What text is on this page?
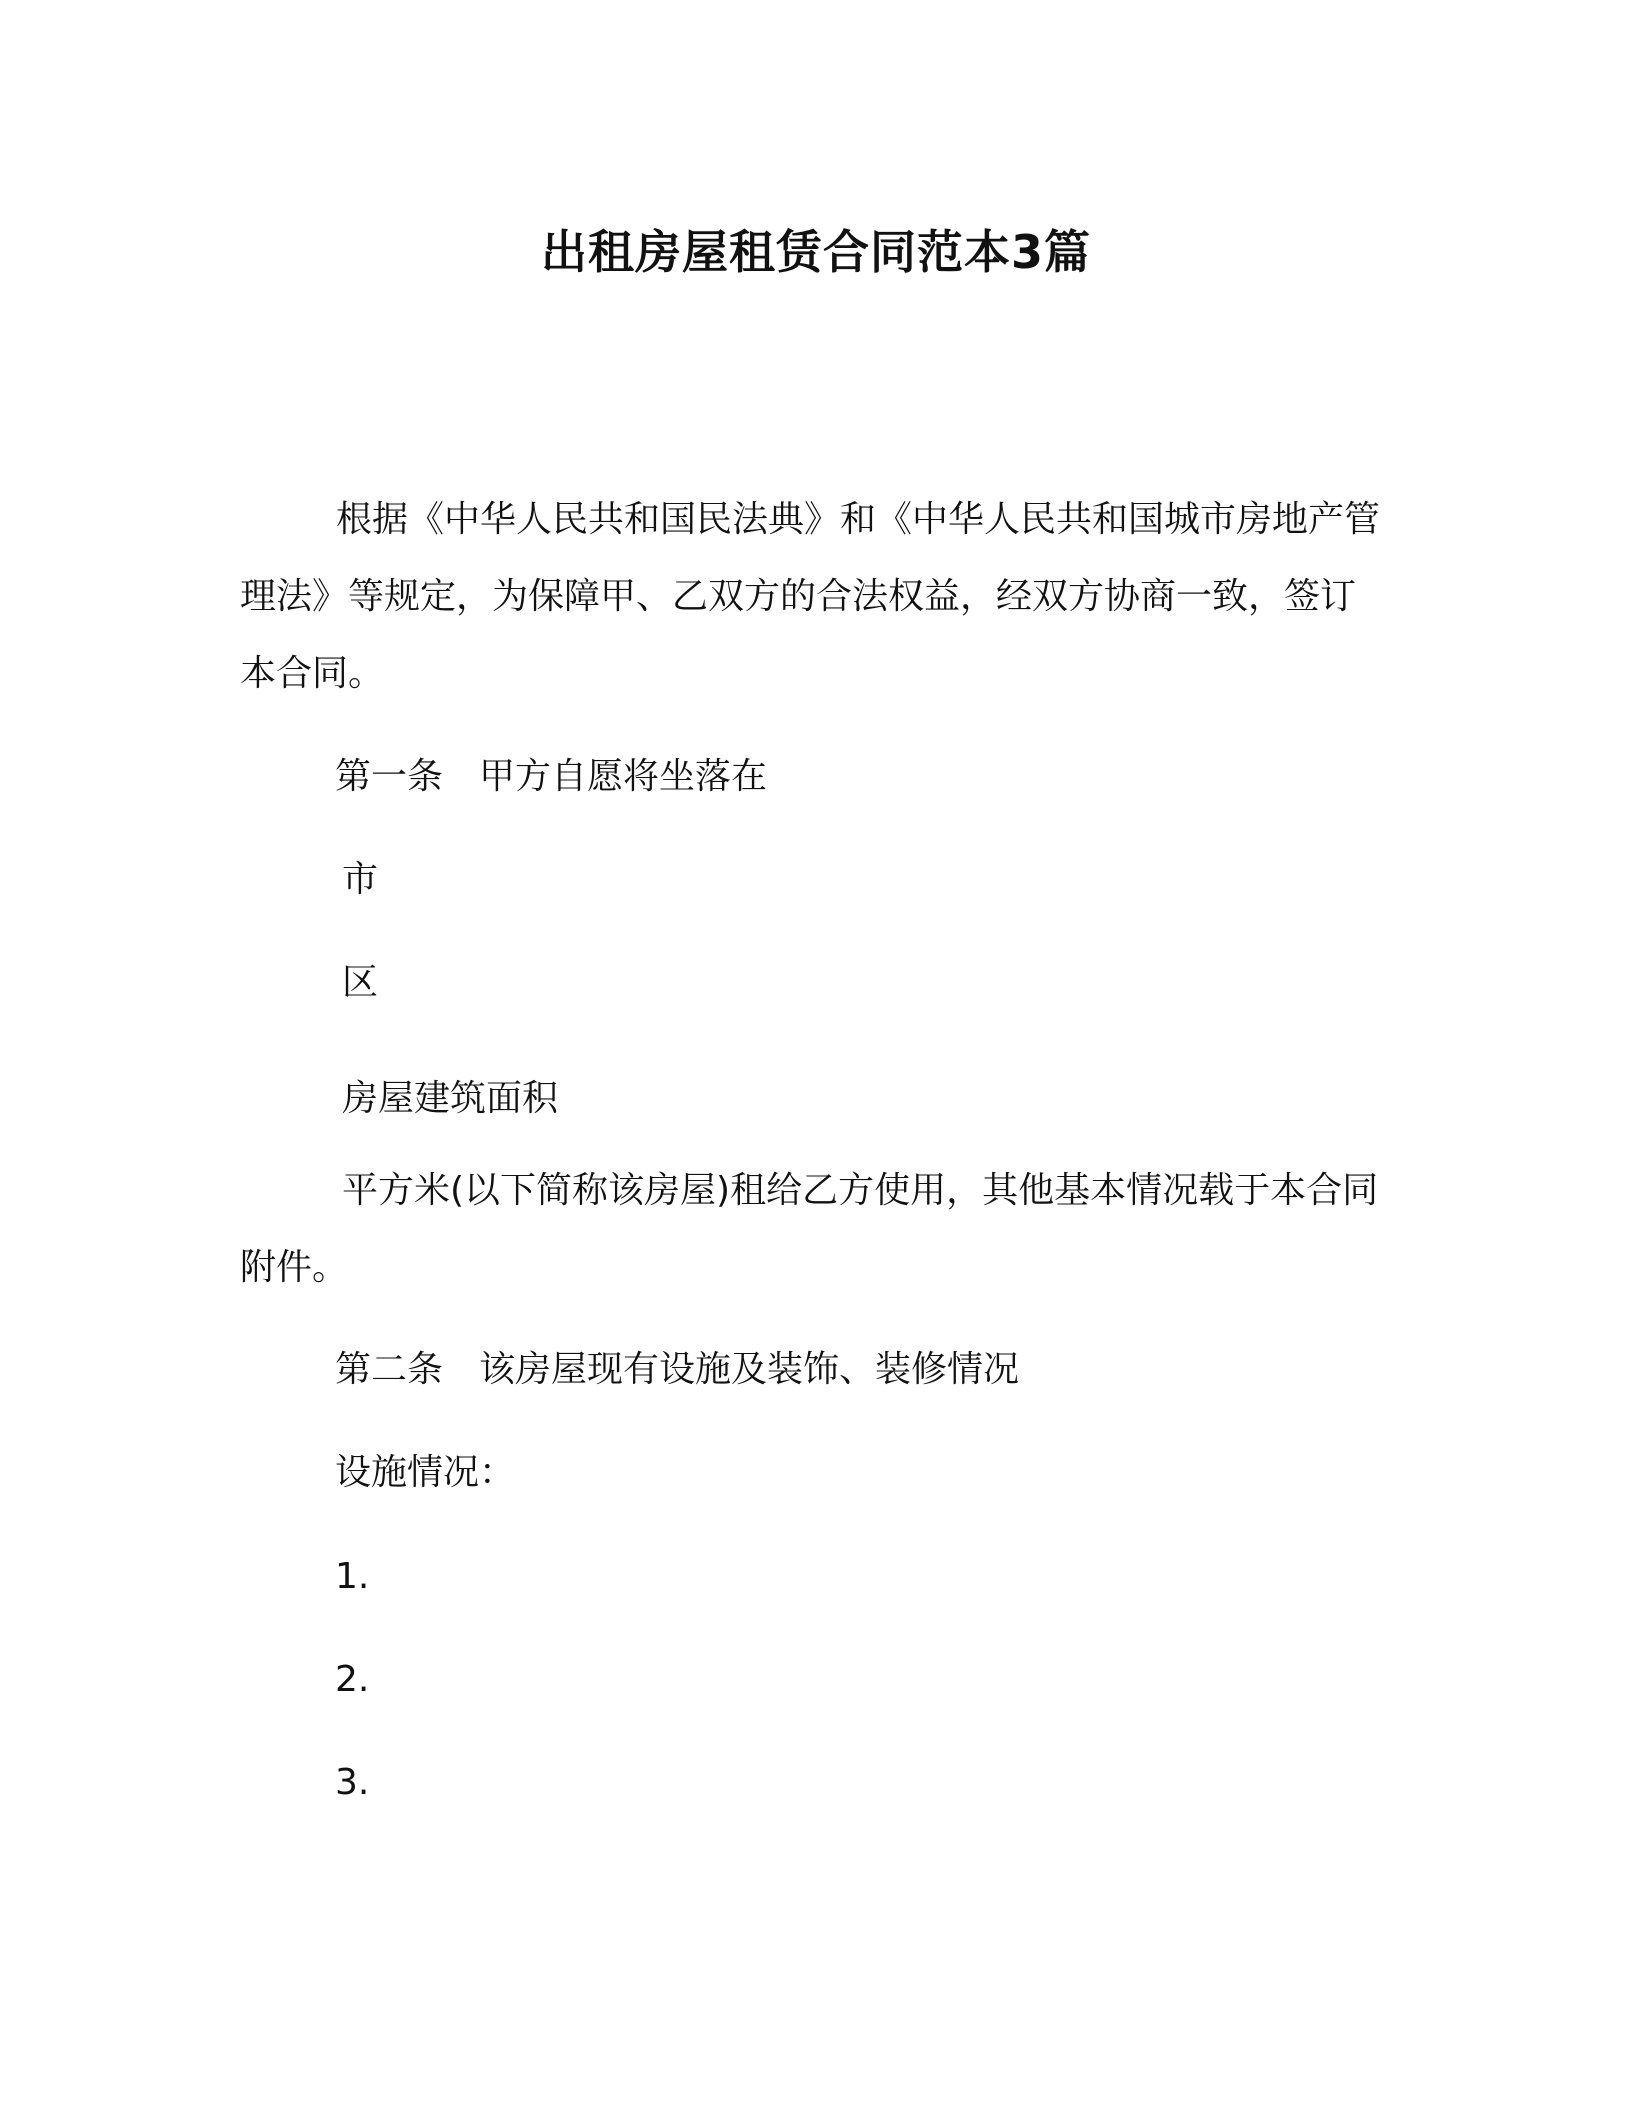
出租房屋租赁合同范本3篇

根据《中华人民共和国民法典》和《中华人民共和国城市房地产管理法》等规定，为保障甲、乙双方的合法权益，经双方协商一致，签订本合同。

第一条　甲方自愿将坐落在

市

区

房屋建筑面积

平方米(以下简称该房屋)租给乙方使用，其他基本情况载于本合同附件。

第二条　该房屋现有设施及装饰、装修情况

设施情况：

1.

2.

3.
